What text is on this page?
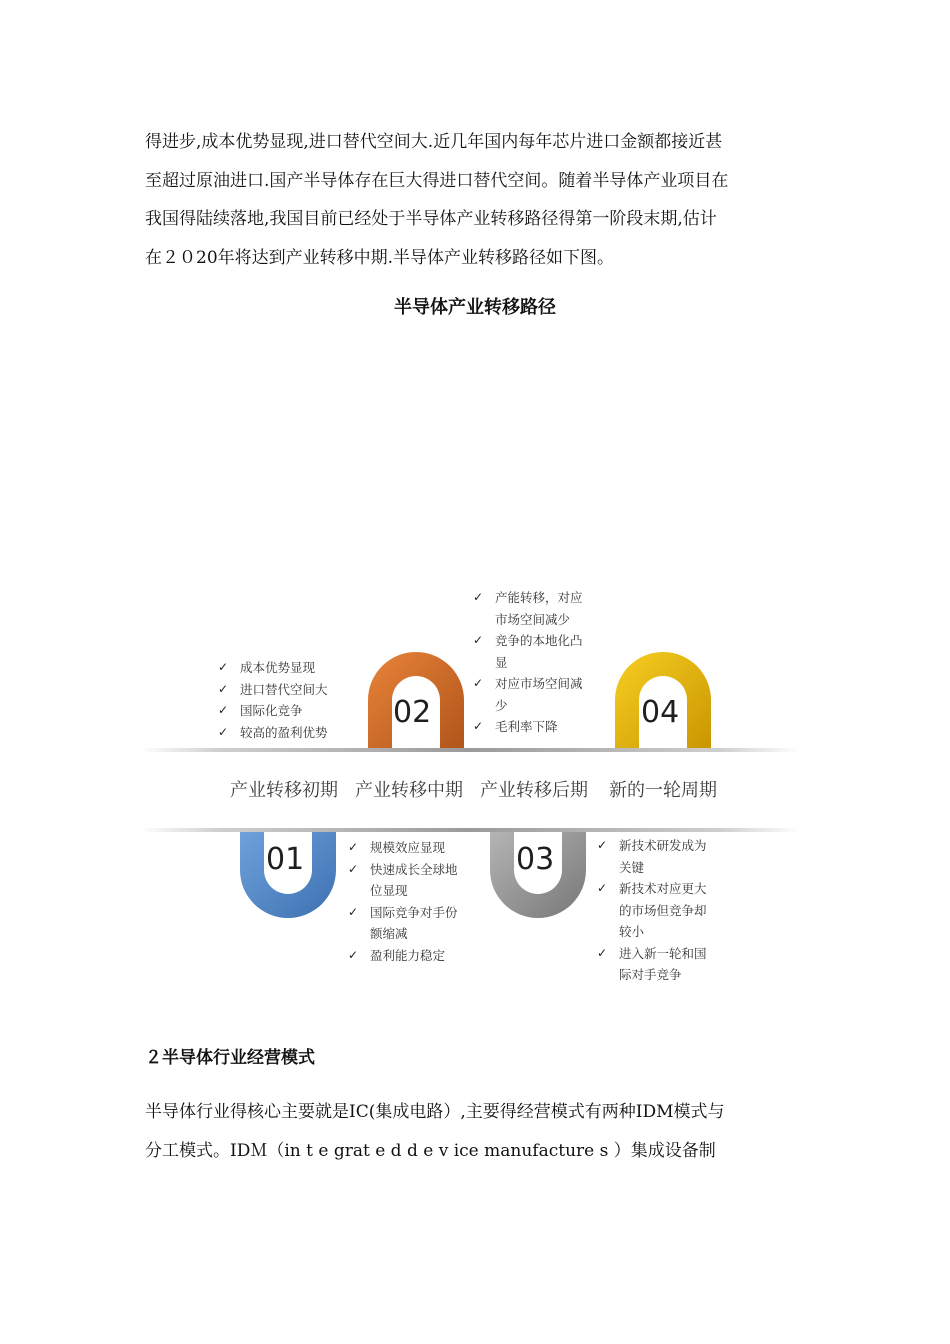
得进步,成本优势显现,进口替代空间大.近几年国内每年芯片进口金额都接近甚
至超过原油进口.国产半导体存在巨大得进口替代空间。随着半导体产业项目在
我国得陆续落地,我国目前已经处于半导体产业转移路径得第一阶段末期,估计
在２０20年将达到产业转移中期.半导体产业转移路径如下图。

半导体产业转移路径
02	04
01	03
产业转移初期 产业转移中期 产业转移后期 新的一轮周期
✓ 成本优势显现
✓ 进口替代空间大
✓ 国际化竞争
✓ 较高的盈利优势
✓ 产能转移，对应
市场空间减少
✓ 竞争的本地化凸
显
✓ 对应市场空间减
少
✓ 毛利率下降
✓ 规模效应显现
✓ 快速成长全球地
位显现
✓ 国际竞争对手份
额缩减
✓ 盈利能力稳定
✓ 新技术研发成为
关键
✓ 新技术对应更大
的市场但竞争却
较小
✓ 进入新一轮和国
际对手竞争
２半导体行业经营模式

半导体行业得核心主要就是IC(集成电路）,主要得经营模式有两种IDM模式与
分工模式。IDＭ（in t e grat e d d e v ice manufacture s ）集成设备制
